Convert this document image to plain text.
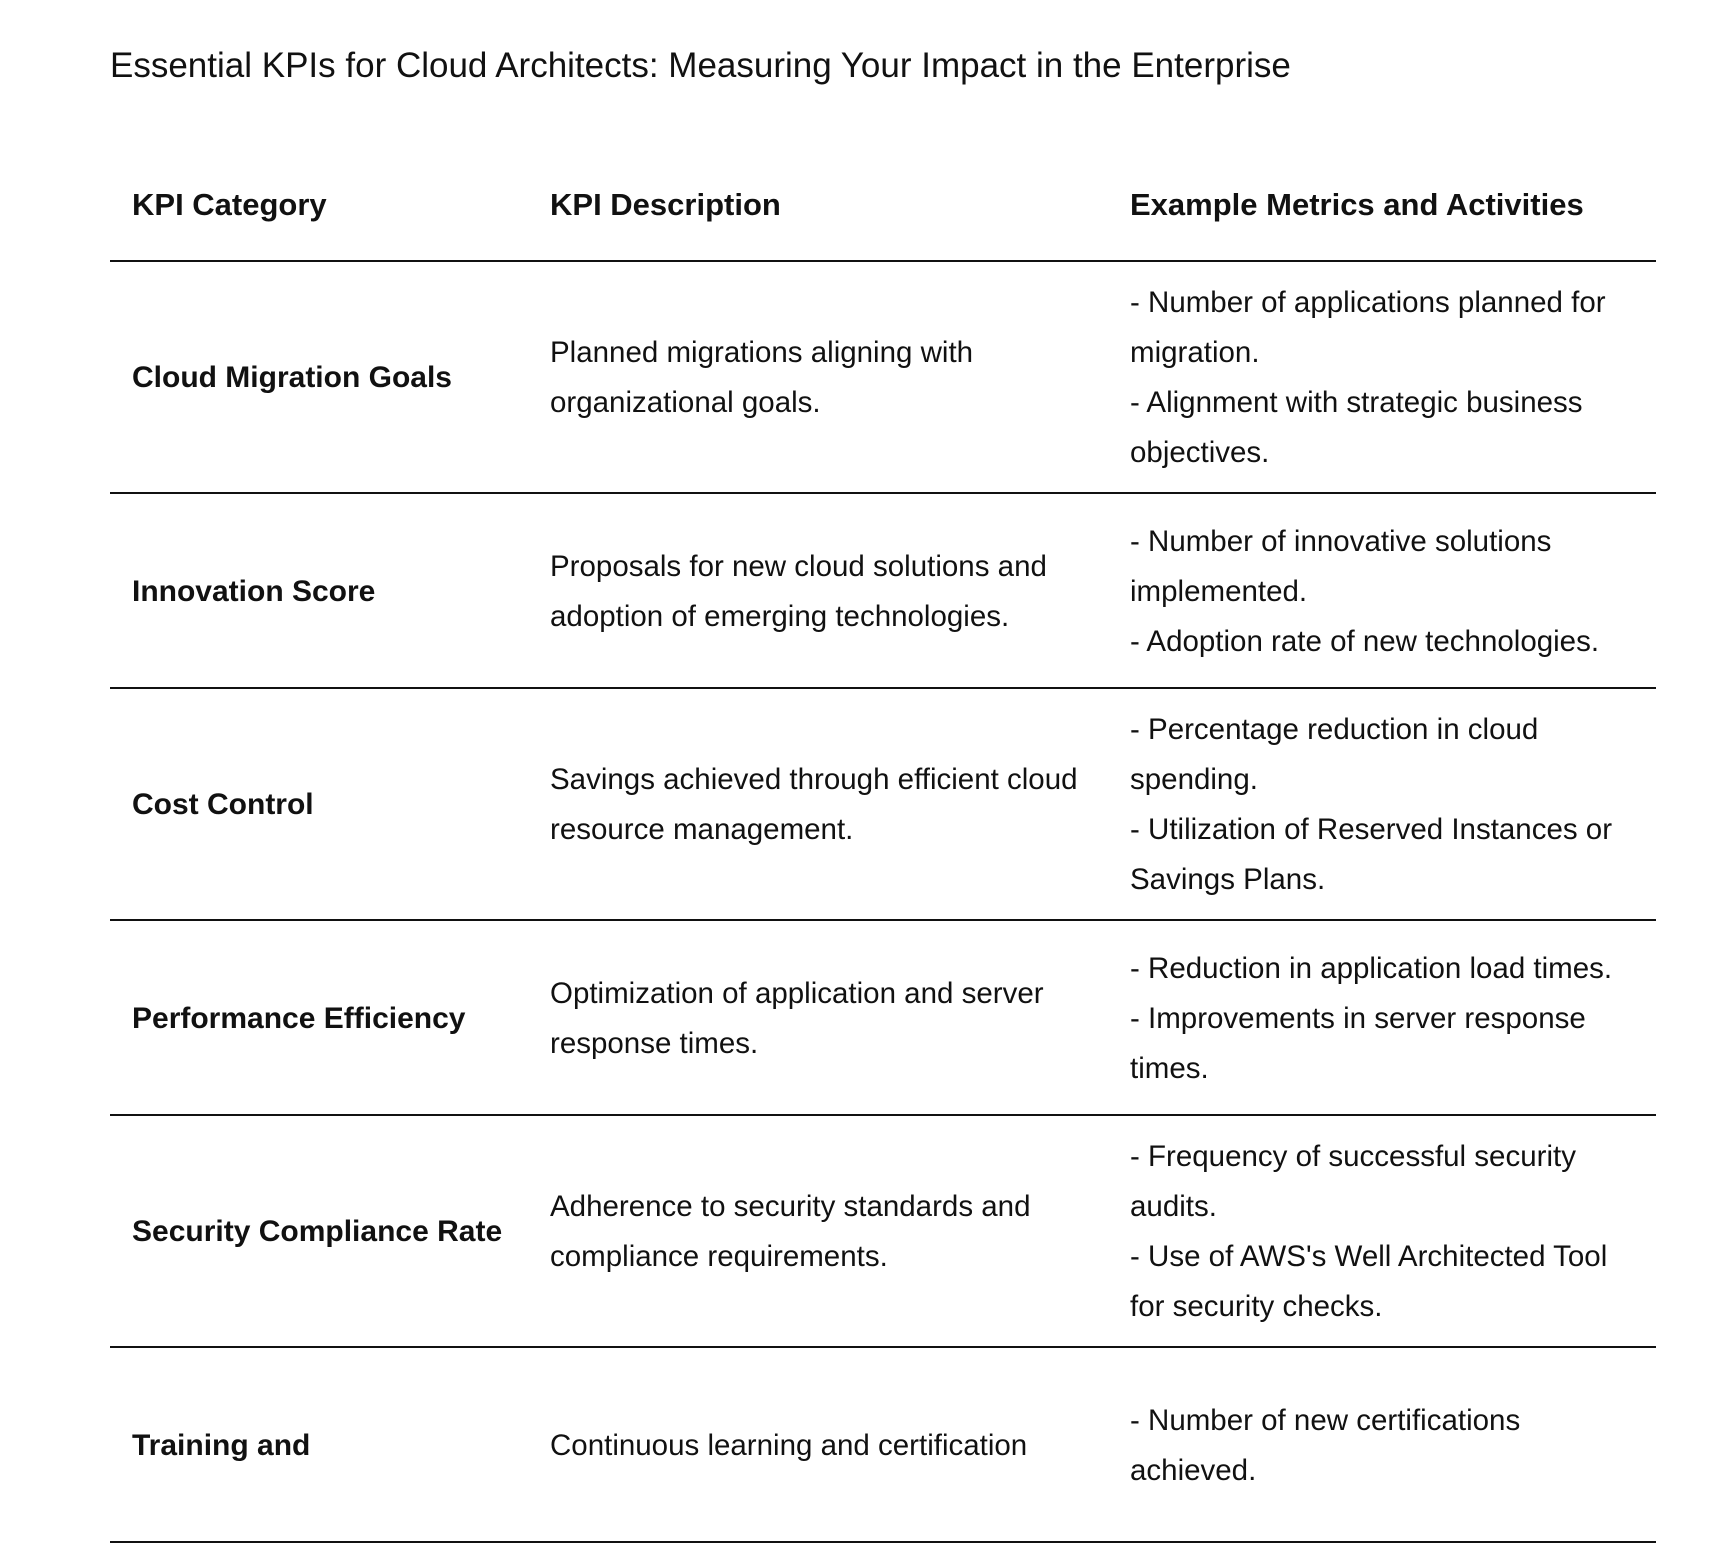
Essential KPIs for Cloud Architects: Measuring Your Impact in the Enterprise
KPI Category	KPI Description	Example Metrics and Activities
Cloud Migration Goals	Planned migrations aligning with organizational goals.	- Number of applications planned for migration.
- Alignment with strategic business objectives.

Innovation Score	Proposals for new cloud solutions and adoption of emerging technologies.	- Number of innovative solutions implemented.
- Adoption rate of new technologies.

Cost Control	Savings achieved through efficient cloud resource management.	- Percentage reduction in cloud spending.
- Utilization of Reserved Instances or Savings Plans.

Performance Efficiency	Optimization of application and server response times.	- Reduction in application load times.
- Improvements in server response times.

Security Compliance Rate	Adherence to security standards and compliance requirements.	- Frequency of successful security audits.
- Use of AWS's Well Architected Tool for security checks.

Training and	Continuous learning and certification	- Number of new certifications achieved.
